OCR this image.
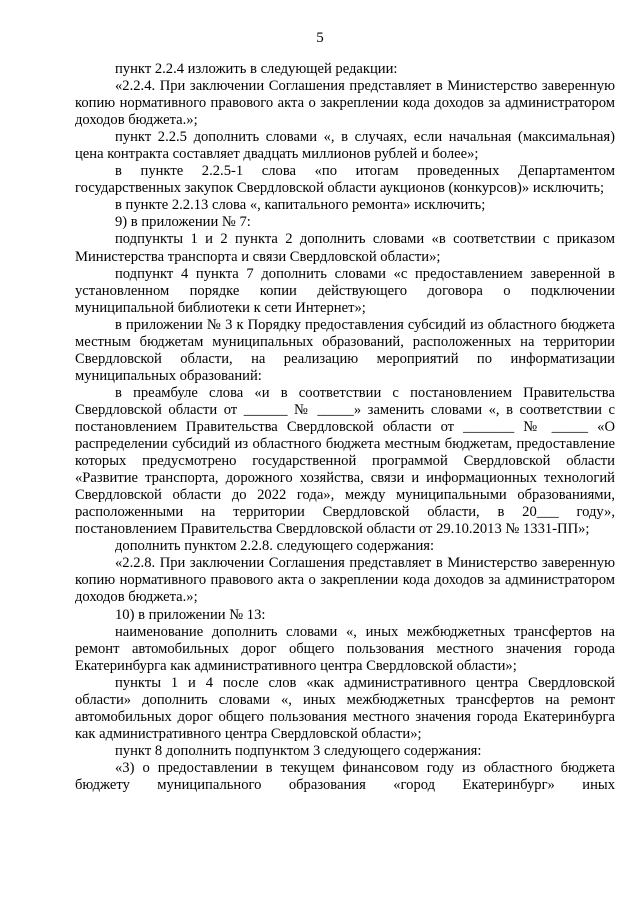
5

пункт 2.2.4 изложить в следующей редакции:

«2.2.4. При заключении Соглашения представляет в Министерство заверенную копию нормативного правового акта о закреплении кода доходов за администратором доходов бюджета.»;

пункт 2.2.5 дополнить словами «, в случаях, если начальная (максимальная) цена контракта составляет двадцать миллионов рублей и более»;

в пункте 2.2.5-1 слова «по итогам проведенных Департаментом государственных закупок Свердловской области аукционов (конкурсов)» исключить;

в пункте 2.2.13 слова «, капитального ремонта» исключить;

9) в приложении № 7:

подпункты 1 и 2 пункта 2 дополнить словами «в соответствии с приказом Министерства транспорта и связи Свердловской области»;

подпункт 4 пункта 7 дополнить словами «с предоставлением заверенной в установленном порядке копии действующего договора о подключении муниципальной библиотеки к сети Интернет»;

в приложении № 3 к Порядку предоставления субсидий из областного бюджета местным бюджетам муниципальных образований, расположенных на территории Свердловской области, на реализацию мероприятий по информатизации муниципальных образований:

в преамбуле слова «и в соответствии с постановлением Правительства Свердловской области от ______ № _____» заменить словами «, в соответствии с постановлением Правительства Свердловской области от _______ № _____ «О распределении субсидий из областного бюджета местным бюджетам, предоставление которых предусмотрено государственной программой Свердловской области «Развитие транспорта, дорожного хозяйства, связи и информационных технологий Свердловской области до 2022 года», между муниципальными образованиями, расположенными на территории Свердловской области, в 20___ году», постановлением Правительства Свердловской области от 29.10.2013 № 1331-ПП»;

дополнить пунктом 2.2.8. следующего содержания:

«2.2.8. При заключении Соглашения представляет в Министерство заверенную копию нормативного правового акта о закреплении кода доходов за администратором доходов бюджета.»;

10) в приложении № 13:

наименование дополнить словами «, иных межбюджетных трансфертов на ремонт автомобильных дорог общего пользования местного значения города Екатеринбурга как административного центра Свердловской области»;

пункты 1 и 4 после слов «как административного центра Свердловской области» дополнить словами «, иных межбюджетных трансфертов на ремонт автомобильных дорог общего пользования местного значения города Екатеринбурга как административного центра Свердловской области»;

пункт 8 дополнить подпунктом 3 следующего содержания:

«3) о предоставлении в текущем финансовом году из областного бюджета бюджету муниципального образования «город Екатеринбург» иных
